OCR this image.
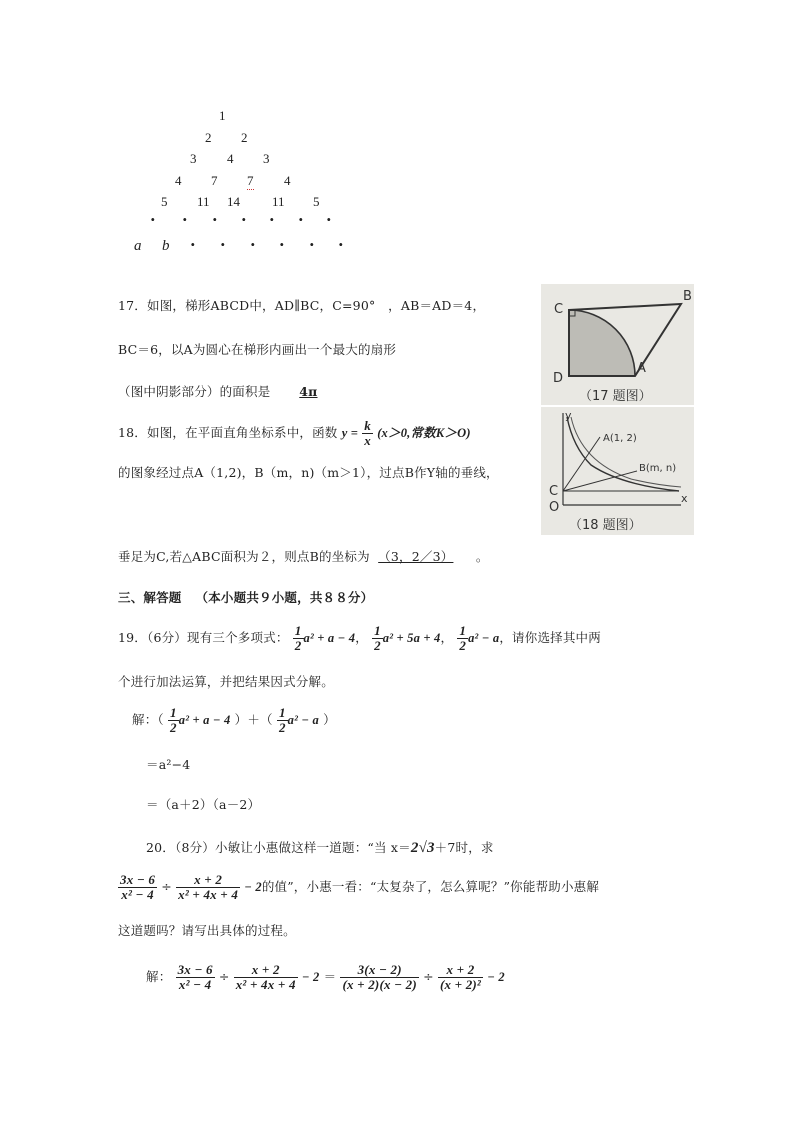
1
2 2
3 4 3
4 7 7 4
5 11 14 11 5
· · · · · · ·
a b · · · · · ·
17．如图，梯形ABCD中，AD∥BC，C=90°　，AB＝AD＝4，
BC＝6，以A为圆心在梯形内画出一个最大的扇形
（图中阴影部分）的面积是 4π
C
B
D
A
（17 题图）
18．如图，在平面直角坐标系中，函数 $y = \frac{k}{x} (x>0$,常数K＞O)
的图象经过点A（1,2)，B（m，n)（m＞1），过点B作Y轴的垂线，
垂足为C,若△ABC面积为２，则点B的坐标为 （3，2／3） 。
y
A(1, 2)
B(m, n)
C
O
x
（18 题图）
三、解答题 （本小题共９小题，共８８分）
19．（6分）现有三个多项式： $\frac{1}{2} a^2 + a - 4$， $\frac{1}{2} a^2 + 5a + 4$， $\frac{1}{2} a^2 - a$，请你选择其中两
个进行加法运算，并把结果因式分解。
解：（ $\frac{1}{2} a^2 + a - 4$ ）＋（ $\frac{1}{2} a^2 - a$ ）
＝a²−4
＝（a＋2）（a－2）
20．（8分）小敏让小惠做这样一道题：“当 x＝2√3＋7时，求
$\frac{3x - 6}{\text{x² − 4}} \div \frac{x + 2}{\text{x² + 4x + 4}} - 2$的值”，小惠一看：“太复杂了，怎么算呢？”你能帮助小惠解
这道题吗？请写出具体的过程。
解： $\frac{3x - 6}{\text{x² − 4}} \div \frac{x + 2}{\text{x² + 4x + 4}} - 2 = \frac{3(x - 2)}{(x + 2)(x - 2)} \div \frac{x + 2}{\text{(x + 2)²}} - 2$
